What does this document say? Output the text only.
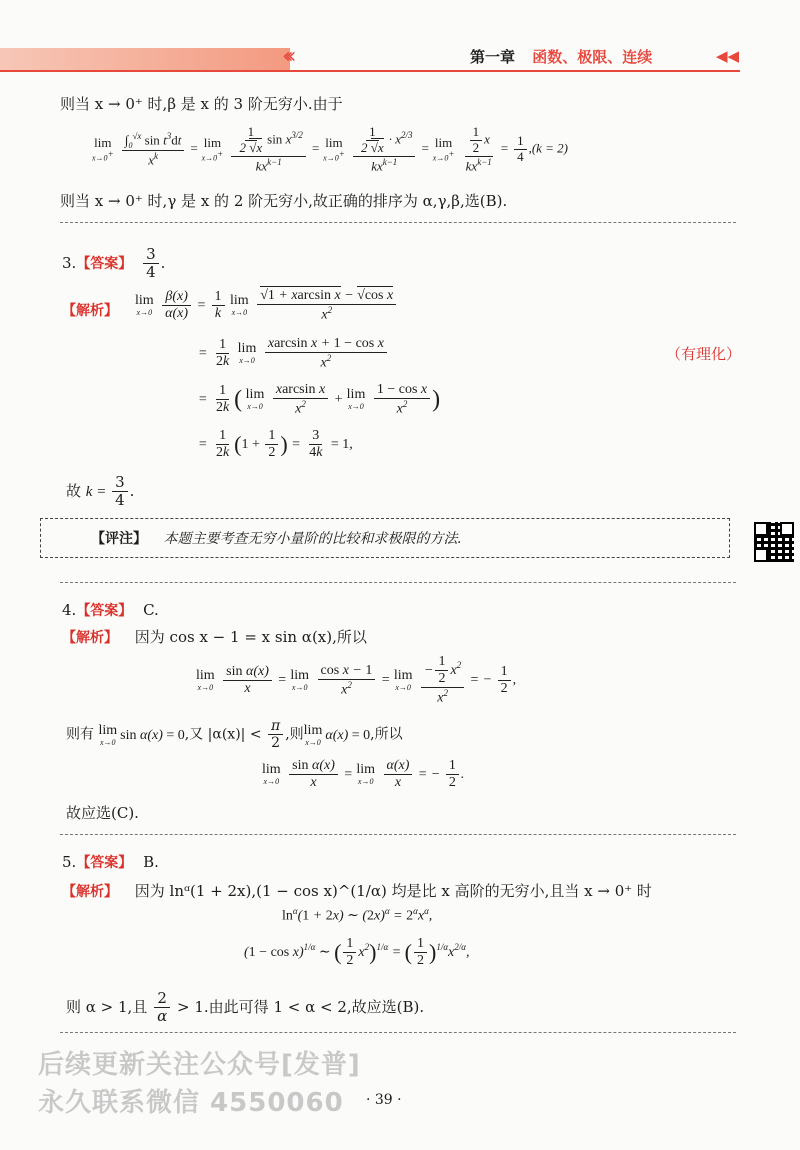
‹‹‹	第一章 函数、极限、连续	◀◀
则当 x → 0⁺ 时,β 是 x 的 3 阶无穷小.由于
lim
x→0+
$\frac{\int_0^{√x} \sin t^3dt}{x^k} = \lim$
x→0+
$\frac{\frac{1}{2 √x} \sin x^{3/2}}{kx^{k-1}} = \lim$
x→0+
$\frac{\frac{1}{2 √x} \cdot x^{2/3}}{kx^{k-1}} = \lim$
x→0+
$\frac{\frac{1}{2} x}{kx^{k-1}} = \frac{1}{4} ,(k = 2)$
则当 x → 0⁺ 时,γ 是 x 的 2 阶无穷小,故正确的排序为 α,γ,β,选(B).
3.【答案】 $\frac{3}{4}$ .
【解析】
lim
x→0
$\frac{\beta(x)}{\alpha(x)} = \frac{1}{k}$ lim
x→0
$\frac{\text{√1 + xarcsin x − √cos x}}{x^2}$
= $\frac{1}{2k}$ lim
x→0
$\frac{\text{xarcsin x + 1 − cos x}}{x^2}$	（有理化）
= $\frac{1}{2k}$ ( lim
x→0
$\frac{\text{xarcsin x}}{x^2} + \lim$
x→0
$\frac{\text{1 − cos x}}{x^2}$ )
= $\frac{1}{2k} (1 + \frac{1}{2}$ ) = $\frac{3}{4k} = 1$,
故 $k = \frac{3}{4}$ .
【评注】 本题主要考查无穷小量阶的比较和求极限的方法.
4.【答案】 C.
【解析】 因为 cos x − 1 = x sin α(x),所以
lim
x→0
$\frac{\text{sin α(x)}}{x} = \lim$
x→0
$\frac{\text{cos x − 1}}{x^2} = \lim$
x→0
$\frac{- \frac{1}{2} x^2}{x^2}$ = − $\frac{1}{2}$ ,
则有 lim
x→0 sin α(x) = 0,又 $|\alpha(x)| < \frac{\pi}{2}$ ,则lim
x→0 α(x) = 0,所以
lim
x→0
$\frac{\text{sin α(x)}}{x} = \lim$
x→0
$\frac{\alpha(x)}{x}$ = − $\frac{1}{2}$ .
故应选(C).
5.【答案】 B.
【解析】 因为 lnᵅ(1 + 2x),(1 − cos x)^(1/α) 均是比 x 高阶的无穷小,且当 x → 0⁺ 时
$\ln^\alpha(1 + 2x)$ ∼ $(2x)^\alpha = 2^\alpha x^\alpha$,
$(1 - \cos x)^{1/\alpha}$ ∼ ( $\frac{1}{2} x^2)^{1/\alpha}$ = ( $\frac{1}{2} )^{1/\alpha}x^{2/\alpha}$,
则 α > 1,且 $\frac{2}{\alpha} > 1$.由此可得 1 < α < 2,故应选(B).
后续更新关注公众号[发普]
永久联系微信 4550060 · 39 ·
